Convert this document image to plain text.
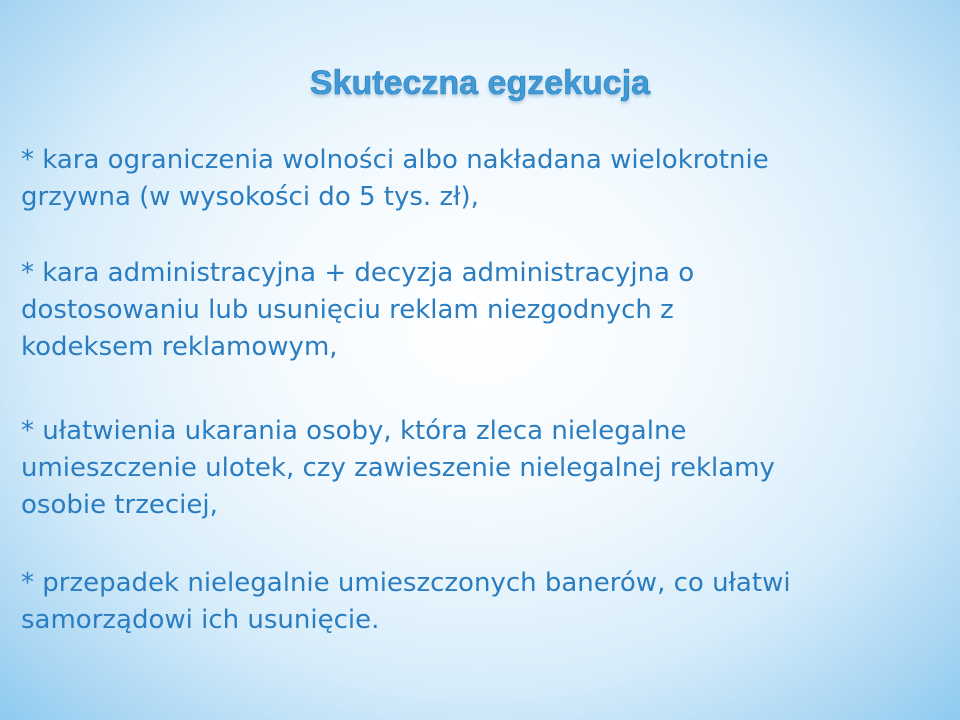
Skuteczna egzekucja

* kara ograniczenia wolności albo nakładana wielokrotnie
grzywna (w wysokości do 5 tys. zł),

* kara administracyjna + decyzja administracyjna o
dostosowaniu lub usunięciu reklam niezgodnych z
kodeksem reklamowym,

* ułatwienia ukarania osoby, która zleca nielegalne
umieszczenie ulotek, czy zawieszenie nielegalnej reklamy
osobie trzeciej,

* przepadek nielegalnie umieszczonych banerów, co ułatwi
samorządowi ich usunięcie.
